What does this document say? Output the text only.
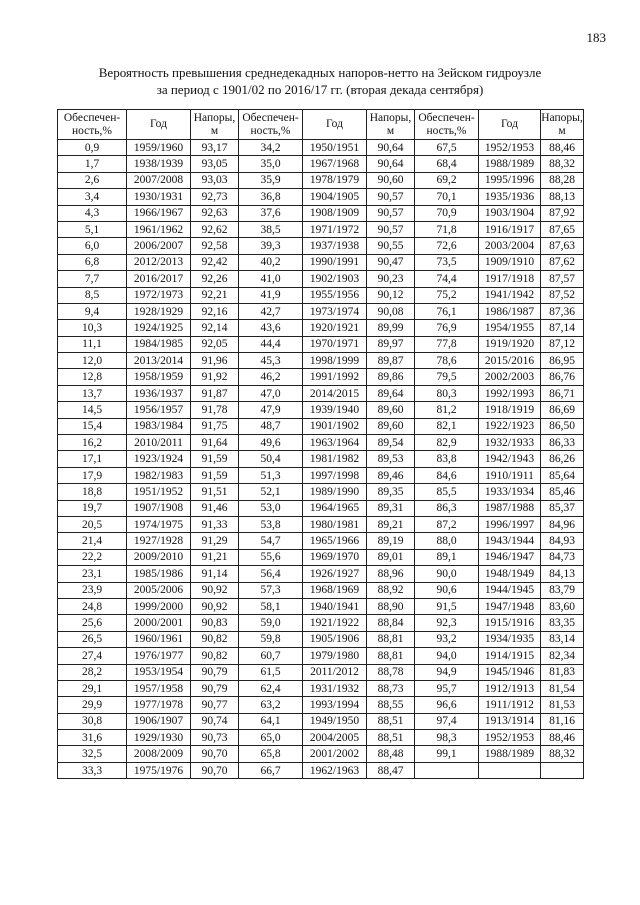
183
Вероятность превышения среднедекадных напоров-нетто на Зейском гидроузле
за период с 1901/02 по 2016/17 гг. (вторая декада сентября)
Обеспечен-ность,%	Год	Напоры, м	Обеспечен-ность,%	Год	Напоры, м	Обеспечен-ность,%	Год	Напоры, м
0,9	1959/1960	93,17	34,2	1950/1951	90,64	67,5	1952/1953	88,46
1,7	1938/1939	93,05	35,0	1967/1968	90,64	68,4	1988/1989	88,32
2,6	2007/2008	93,03	35,9	1978/1979	90,60	69,2	1995/1996	88,28
3,4	1930/1931	92,73	36,8	1904/1905	90,57	70,1	1935/1936	88,13
4,3	1966/1967	92,63	37,6	1908/1909	90,57	70,9	1903/1904	87,92
5,1	1961/1962	92,62	38,5	1971/1972	90,57	71,8	1916/1917	87,65
6,0	2006/2007	92,58	39,3	1937/1938	90,55	72,6	2003/2004	87,63
6,8	2012/2013	92,42	40,2	1990/1991	90,47	73,5	1909/1910	87,62
7,7	2016/2017	92,26	41,0	1902/1903	90,23	74,4	1917/1918	87,57
8,5	1972/1973	92,21	41,9	1955/1956	90,12	75,2	1941/1942	87,52
9,4	1928/1929	92,16	42,7	1973/1974	90,08	76,1	1986/1987	87,36
10,3	1924/1925	92,14	43,6	1920/1921	89,99	76,9	1954/1955	87,14
11,1	1984/1985	92,05	44,4	1970/1971	89,97	77,8	1919/1920	87,12
12,0	2013/2014	91,96	45,3	1998/1999	89,87	78,6	2015/2016	86,95
12,8	1958/1959	91,92	46,2	1991/1992	89,86	79,5	2002/2003	86,76
13,7	1936/1937	91,87	47,0	2014/2015	89,64	80,3	1992/1993	86,71
14,5	1956/1957	91,78	47,9	1939/1940	89,60	81,2	1918/1919	86,69
15,4	1983/1984	91,75	48,7	1901/1902	89,60	82,1	1922/1923	86,50
16,2	2010/2011	91,64	49,6	1963/1964	89,54	82,9	1932/1933	86,33
17,1	1923/1924	91,59	50,4	1981/1982	89,53	83,8	1942/1943	86,26
17,9	1982/1983	91,59	51,3	1997/1998	89,46	84,6	1910/1911	85,64
18,8	1951/1952	91,51	52,1	1989/1990	89,35	85,5	1933/1934	85,46
19,7	1907/1908	91,46	53,0	1964/1965	89,31	86,3	1987/1988	85,37
20,5	1974/1975	91,33	53,8	1980/1981	89,21	87,2	1996/1997	84,96
21,4	1927/1928	91,29	54,7	1965/1966	89,19	88,0	1943/1944	84,93
22,2	2009/2010	91,21	55,6	1969/1970	89,01	89,1	1946/1947	84,73
23,1	1985/1986	91,14	56,4	1926/1927	88,96	90,0	1948/1949	84,13
23,9	2005/2006	90,92	57,3	1968/1969	88,92	90,6	1944/1945	83,79
24,8	1999/2000	90,92	58,1	1940/1941	88,90	91,5	1947/1948	83,60
25,6	2000/2001	90,83	59,0	1921/1922	88,84	92,3	1915/1916	83,35
26,5	1960/1961	90,82	59,8	1905/1906	88,81	93,2	1934/1935	83,14
27,4	1976/1977	90,82	60,7	1979/1980	88,81	94,0	1914/1915	82,34
28,2	1953/1954	90,79	61,5	2011/2012	88,78	94,9	1945/1946	81,83
29,1	1957/1958	90,79	62,4	1931/1932	88,73	95,7	1912/1913	81,54
29,9	1977/1978	90,77	63,2	1993/1994	88,55	96,6	1911/1912	81,53
30,8	1906/1907	90,74	64,1	1949/1950	88,51	97,4	1913/1914	81,16
31,6	1929/1930	90,73	65,0	2004/2005	88,51	98,3	1952/1953	88,46
32,5	2008/2009	90,70	65,8	2001/2002	88,48	99,1	1988/1989	88,32
33,3	1975/1976	90,70	66,7	1962/1963	88,47			
